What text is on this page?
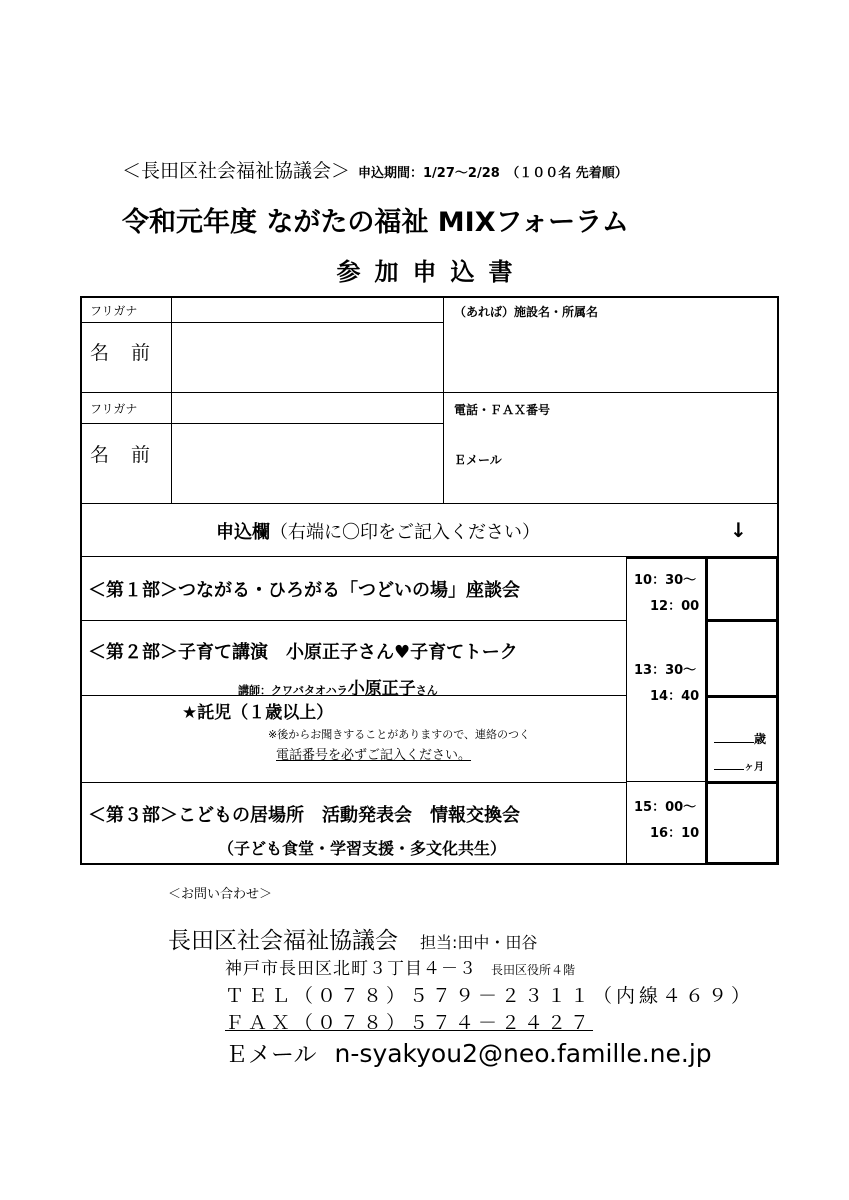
＜長田区社会福祉協議会＞ 申込期間：1/27～2/28　（１００名 先着順）
令和元年度 ながたの福祉 MIXフォーラム
参加申込書
フリガナ
名前
（あれば）施設名・所属名
フリガナ
名前
電話・ＦＡＸ番号
Ｅメール
申込欄（右端に〇印をご記入ください）	↓
＜第１部＞つながる・ひろがる「つどいの場」座談会	10：30～
12：00
＜第２部＞子育て講演　小原正子さん♥子育てトーク
講師：クワバタオハラ小原正子さん
13：30～
14：40
★託児（１歳以上）
※後からお聞きすることがありますので、連絡のつく
電話番号を必ずご記入ください。
歳
ヶ月
＜第３部＞こどもの居場所　活動発表会　情報交換会
（子ども食堂・学習支援・多文化共生）
15：00～
16：10
＜お問い合わせ＞
長田区社会福祉協議会 担当:田中・田谷
神戸市長田区北町３丁目４－３ 長田区役所４階
ＴＥＬ（０７８）５７９－２３１１（内線４６９）
ＦＡＸ（０７８）５７４－２４２７
Ｅメール n-syakyou2@neo.famille.ne.jp
